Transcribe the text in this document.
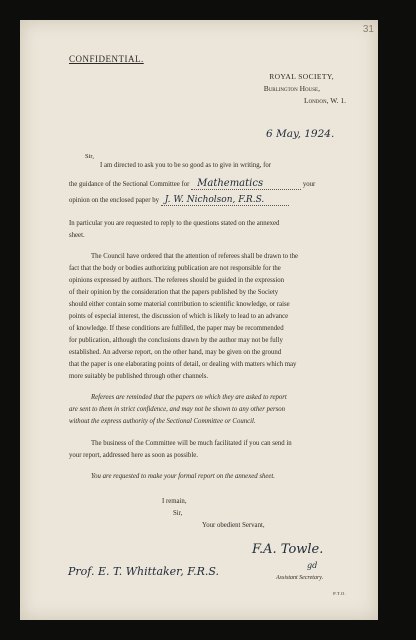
31
CONFIDENTIAL.
ROYAL SOCIETY,
Burlington House,
London, W. 1.
6 May, 1924.
Sir,
I am directed to ask you to be so good as to give in writing, for
the guidance of the Sectional Committee for Mathematics	your
opinion on the enclosed paper by J. W. Nicholson, F.R.S.
In particular you are requested to reply to the questions stated on the annexed
sheet.
The Council have ordered that the attention of referees shall be drawn to the
fact that the body or bodies authorizing publication are not responsible for the
opinions expressed by authors. The referees should be guided in the expression
of their opinion by the consideration that the papers published by the Society
should either contain some material contribution to scientific knowledge, or raise
points of especial interest, the discussion of which is likely to lead to an advance
of knowledge. If these conditions are fulfilled, the paper may be recommended
for publication, although the conclusions drawn by the author may not be fully
established. An adverse report, on the other hand, may be given on the ground
that the paper is one elaborating points of detail, or dealing with matters which may
more suitably be published through other channels.
Referees are reminded that the papers on which they are asked to report
are sent to them in strict confidence, and may not be shown to any other person
without the express authority of the Sectional Committee or Council.
The business of the Committee will be much facilitated if you can send in
your report, addressed here as soon as possible.
You are requested to make your formal report on the annexed sheet.
I remain,
Sir,
Your obedient Servant,
F.A. Towle.
gd
Assistant Secretary.
Prof. E. T. Whittaker, F.R.S.
P.T.O.
